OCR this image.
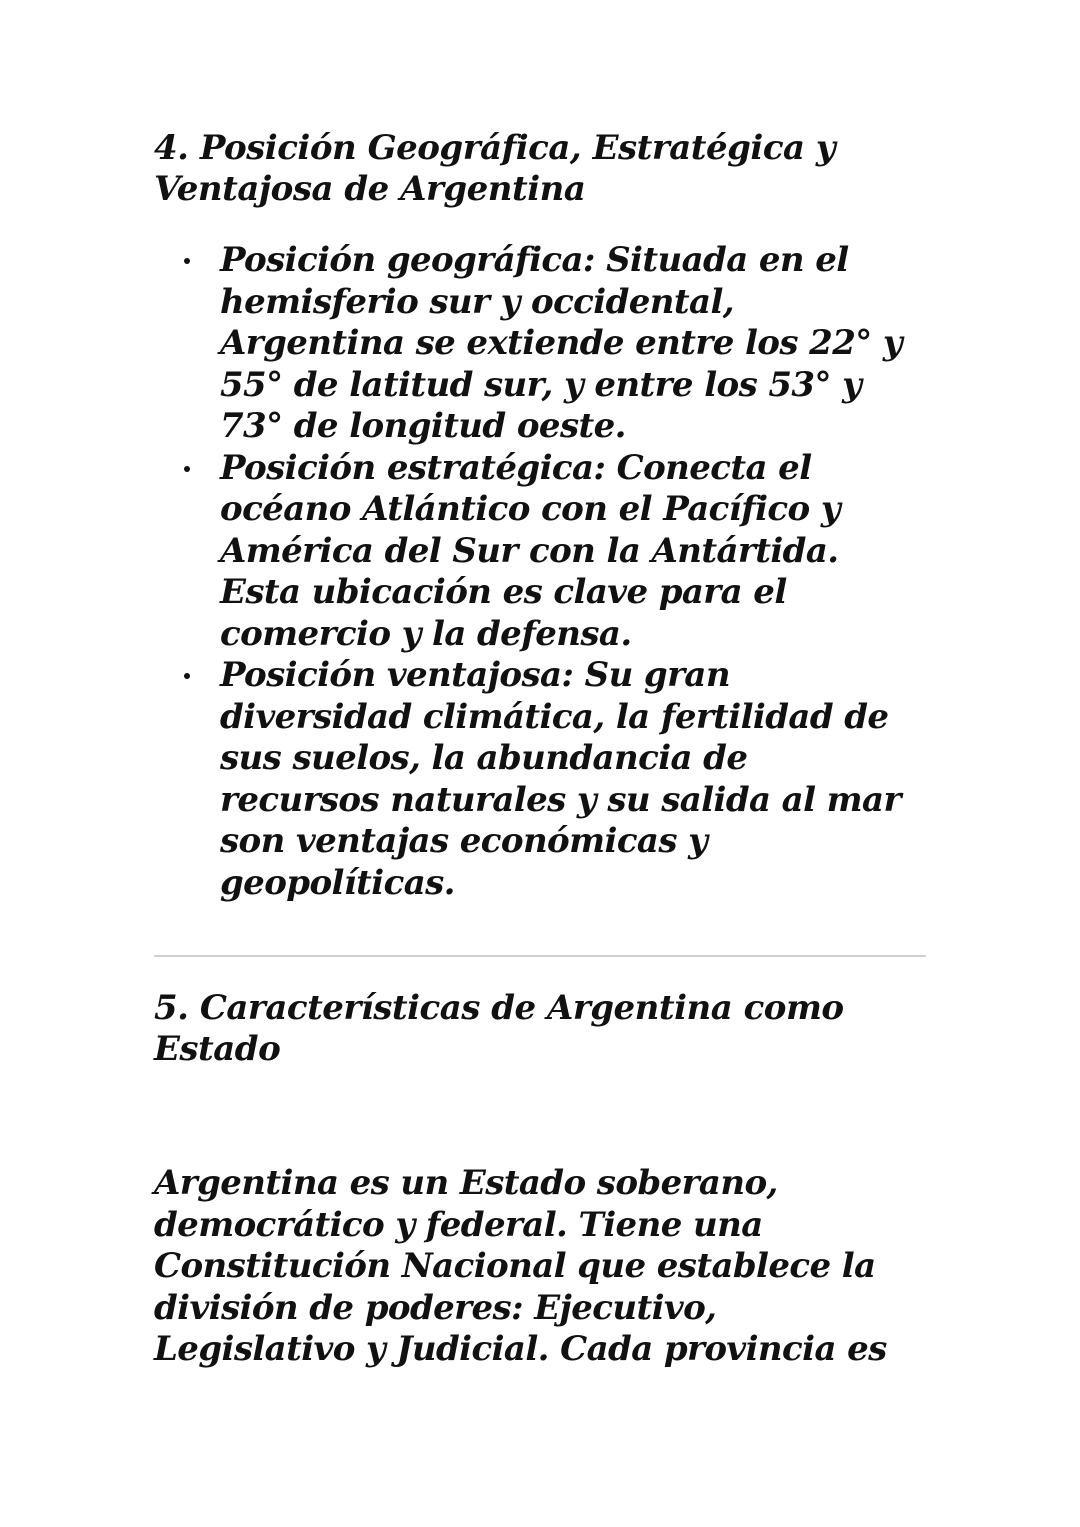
4. Posición Geográfica, Estratégica y
Ventajosa de Argentina
Posición geográfica: Situada en el
hemisferio sur y occidental,
Argentina se extiende entre los 22° y
55° de latitud sur, y entre los 53° y
73° de longitud oeste.
Posición estratégica: Conecta el
océano Atlántico con el Pacífico y
América del Sur con la Antártida.
Esta ubicación es clave para el
comercio y la defensa.
Posición ventajosa: Su gran
diversidad climática, la fertilidad de
sus suelos, la abundancia de
recursos naturales y su salida al mar
son ventajas económicas y
geopolíticas.
5. Características de Argentina como
Estado
Argentina es un Estado soberano,
democrático y federal. Tiene una
Constitución Nacional que establece la
división de poderes: Ejecutivo,
Legislativo y Judicial. Cada provincia es
